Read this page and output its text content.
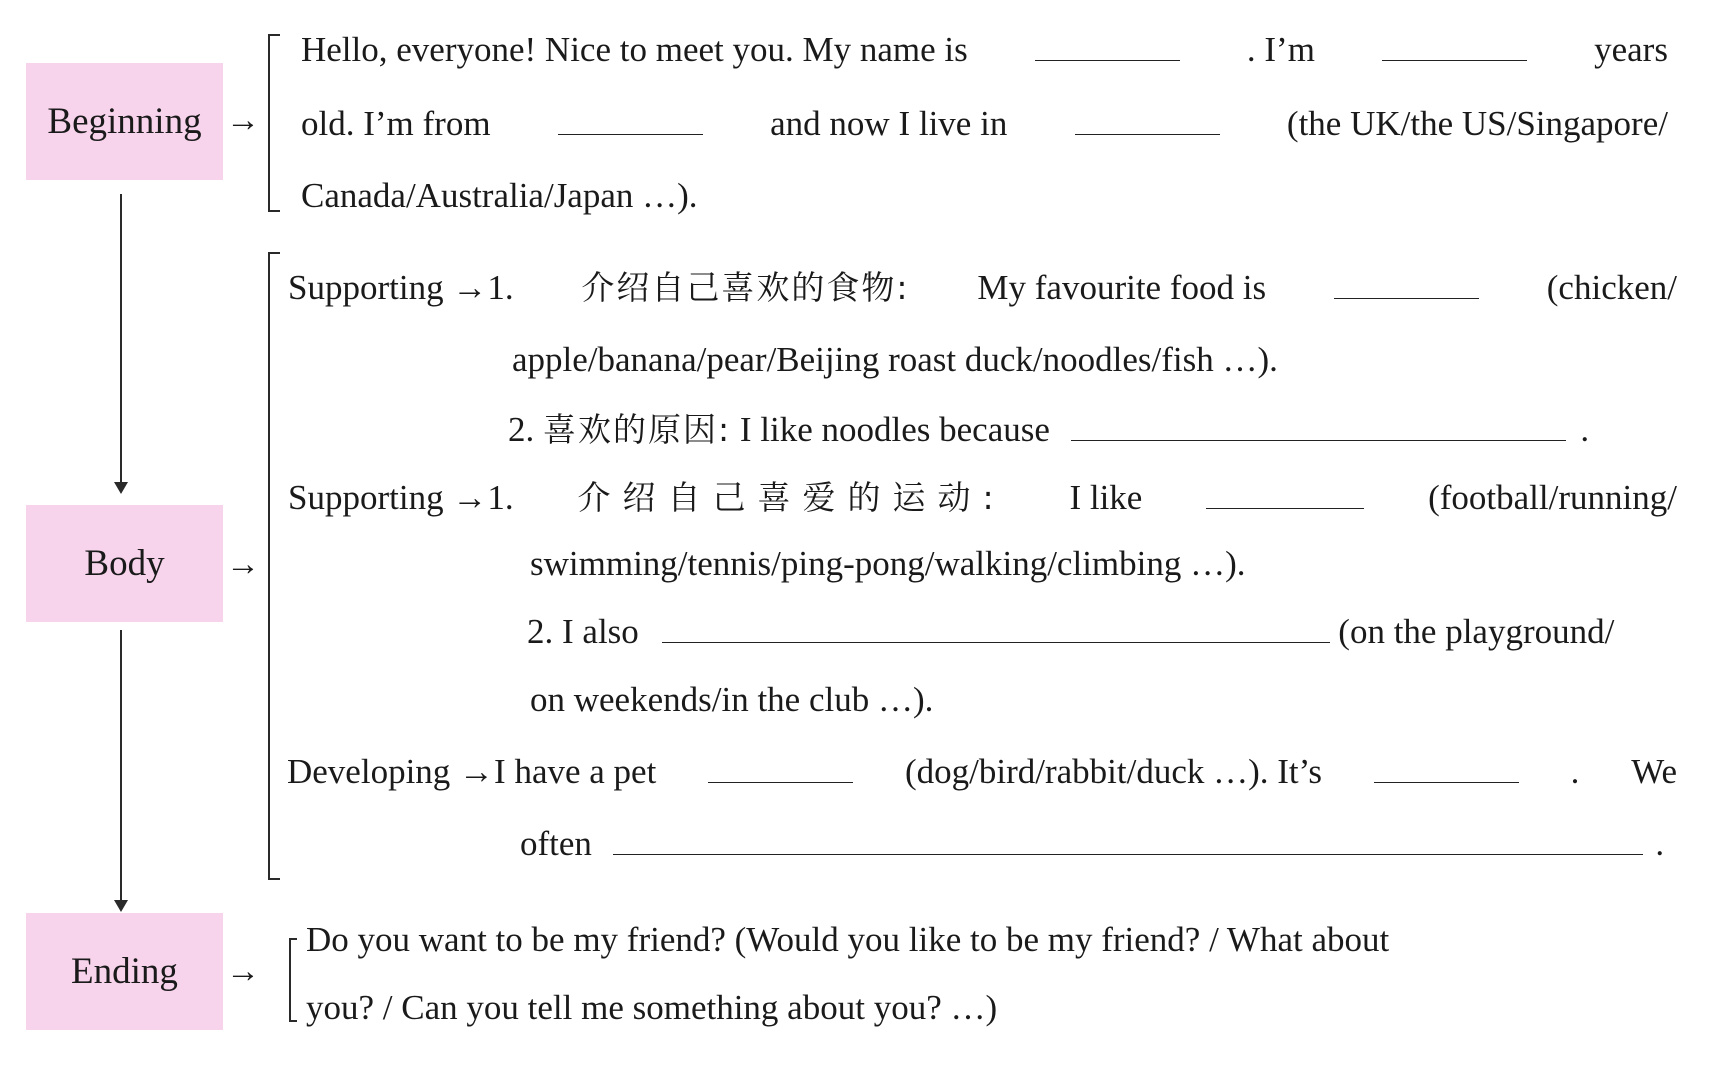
Beginning
Body
Ending
→
→
→
Hello, everyone! Nice to meet you. My name is	. I’m	years
old. I’m from	and now I live in	(the UK/the US/Singapore/
Canada/Australia/Japan …).
Supporting →1. 介绍自己喜欢的食物: My favourite food is	(chicken/
apple/banana/pear/Beijing roast duck/noodles/fish …).
2. 喜欢的原因: I like noodles because	.
Supporting →1. 介绍自己喜爱的运动: I like	(football/running/
swimming/tennis/ping-pong/walking/climbing …).
2. I also	(on the playground/
on weekends/in the club …).
Developing →I have a pet	(dog/bird/rabbit/duck …). It’s	. We
often	.
Do you want to be my friend? (Would you like to be my friend? / What about
you? / Can you tell me something about you? …)
